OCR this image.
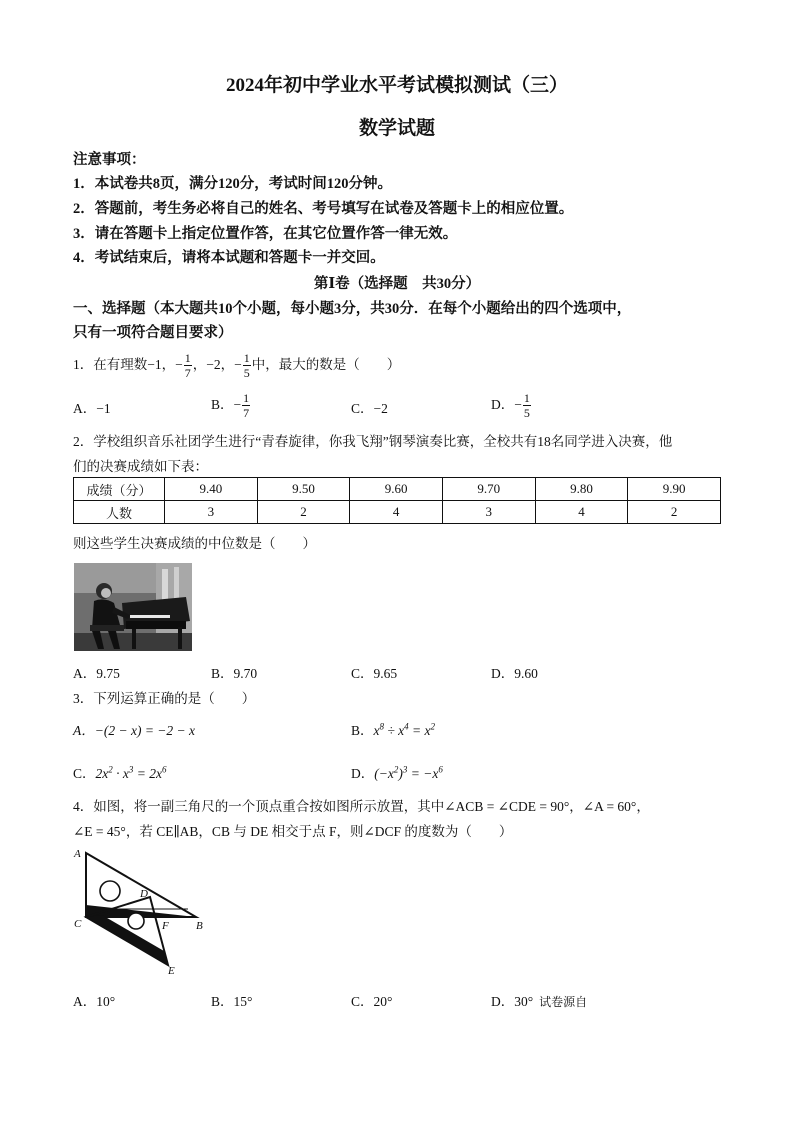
2024年初中学业水平考试模拟测试（三）
数学试题
注意事项：
1．本试卷共8页，满分120分，考试时间120分钟。
2．答题前，考生务必将自己的姓名、考号填写在试卷及答题卡上的相应位置。
3．请在答题卡上指定位置作答，在其它位置作答一律无效。
4．考试结束后，请将本试题和答题卡一并交回。
第Ⅰ卷（选择题　共30分）
一、选择题（本大题共10个小题，每小题3分，共30分．在每个小题给出的四个选项中，
只有一项符合题目要求）
1．在有理数−1，− $\frac{1}{7}$ ，−2，− $\frac{1}{5}$ 中，最大的数是（　　）
A．−1	B．− $\frac{1}{7}$	C．−2	D．− $\frac{1}{5}$
2．学校组织音乐社团学生进行“青春旋律，你我飞翔”钢琴演奏比赛，全校共有18名同学进入决赛，他
们的决赛成绩如下表：
成绩（分）	9.40	9.50	9.60	9.70	9.80	9.90
人数	3	2	4	3	4	2
则这些学生决赛成绩的中位数是（　　）
A．9.75	B．9.70	C．9.65	D．9.60
3．下列运算正确的是（　　）
A．−(2 − x) = −2 − x	B．$x^8 \div x^4 = x^2$
C．$2x^2 \cdot x^3 = 2x^6$	D．$(-x^2)^3 = -x^6$
4．如图，将一副三角尺的一个顶点重合按如图所示放置，其中∠ACB = ∠CDE = 90°，∠A = 60°，
∠E = 45°，若 CE∥AB，CB 与 DE 相交于点 F，则∠DCF 的度数为（　　）
A
C	B
D
F
E
A．10°	B．15°	C．20°	D．30° 试卷源自
